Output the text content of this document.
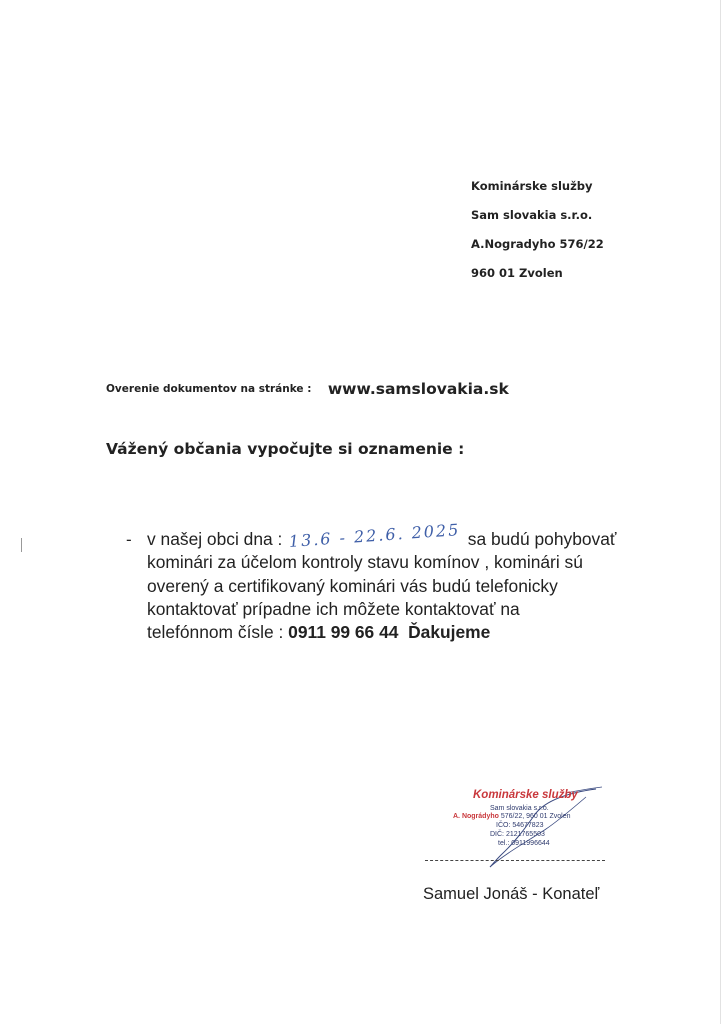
Kominárske služby
Sam slovakia s.r.o.
A.Nogradyho 576/22
960 01 Zvolen
Overenie dokumentov na stránke : www.samslovakia.sk
Vážený občania vypočujte si oznamenie :
- v našej obci dna : 13.6 - 22.6. 2025 sa budú pohybovať
kominári za účelom kontroly stavu komínov , kominári sú
overený a certifikovaný kominári vás budú telefonicky
kontaktovať prípadne ich môžete kontaktovať na
telefónnom čísle : 0911 99 66 44 Ďakujeme
Kominárske služby
Sam slovakia s.r.o.
A. Nográdyho 576/22, 960 01 Zvolen
IČO: 54677823
DIČ: 2121765503
tel.: 0911996644
Samuel Jonáš - Konateľ
